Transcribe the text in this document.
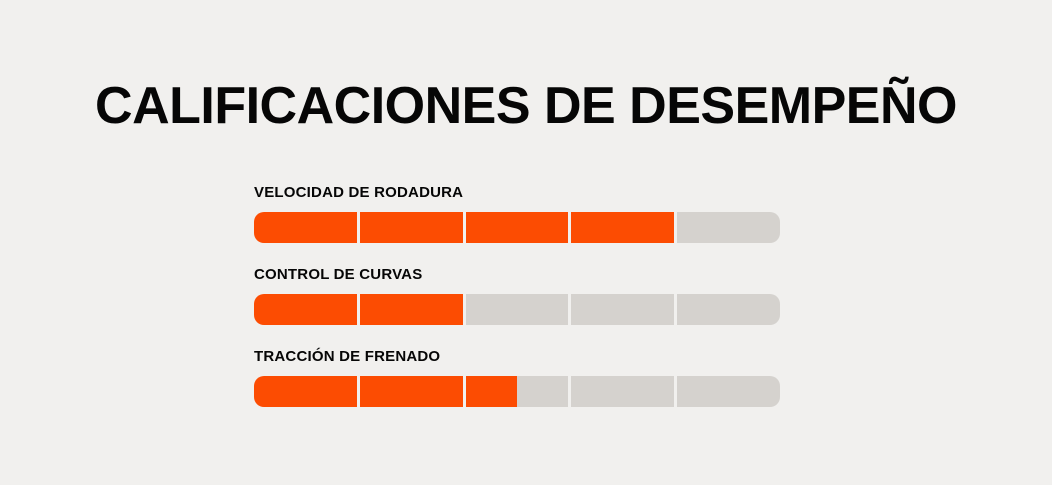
CALIFICACIONES DE DESEMPEÑO
VELOCIDAD DE RODADURA
CONTROL DE CURVAS
TRACCIÓN DE FRENADO
